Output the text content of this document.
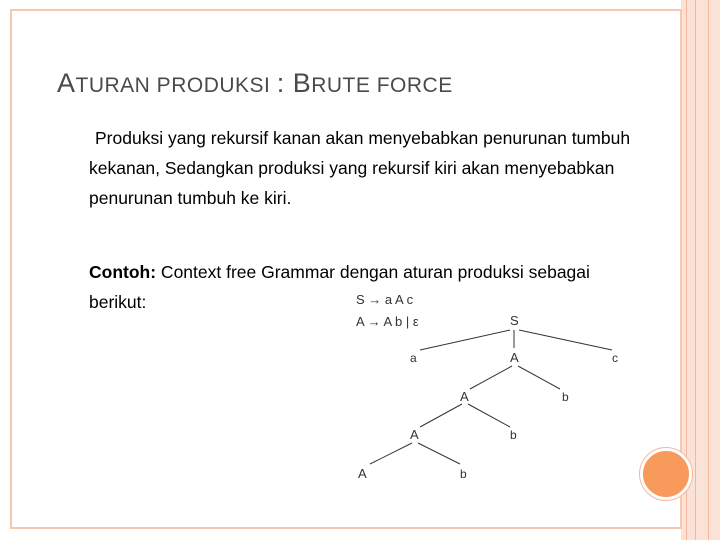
ATURAN PRODUKSI : BRUTE FORCE

Produksi yang rekursif kanan akan menyebabkan penurunan tumbuh kekanan, Sedangkan produksi yang rekursif kiri akan menyebabkan penurunan tumbuh ke kiri.

Contoh: Context free Grammar dengan aturan produksi sebagai berikut:	S → a A c
A → A b | ε	S
a	A	c
A	b
A	b
A	b
